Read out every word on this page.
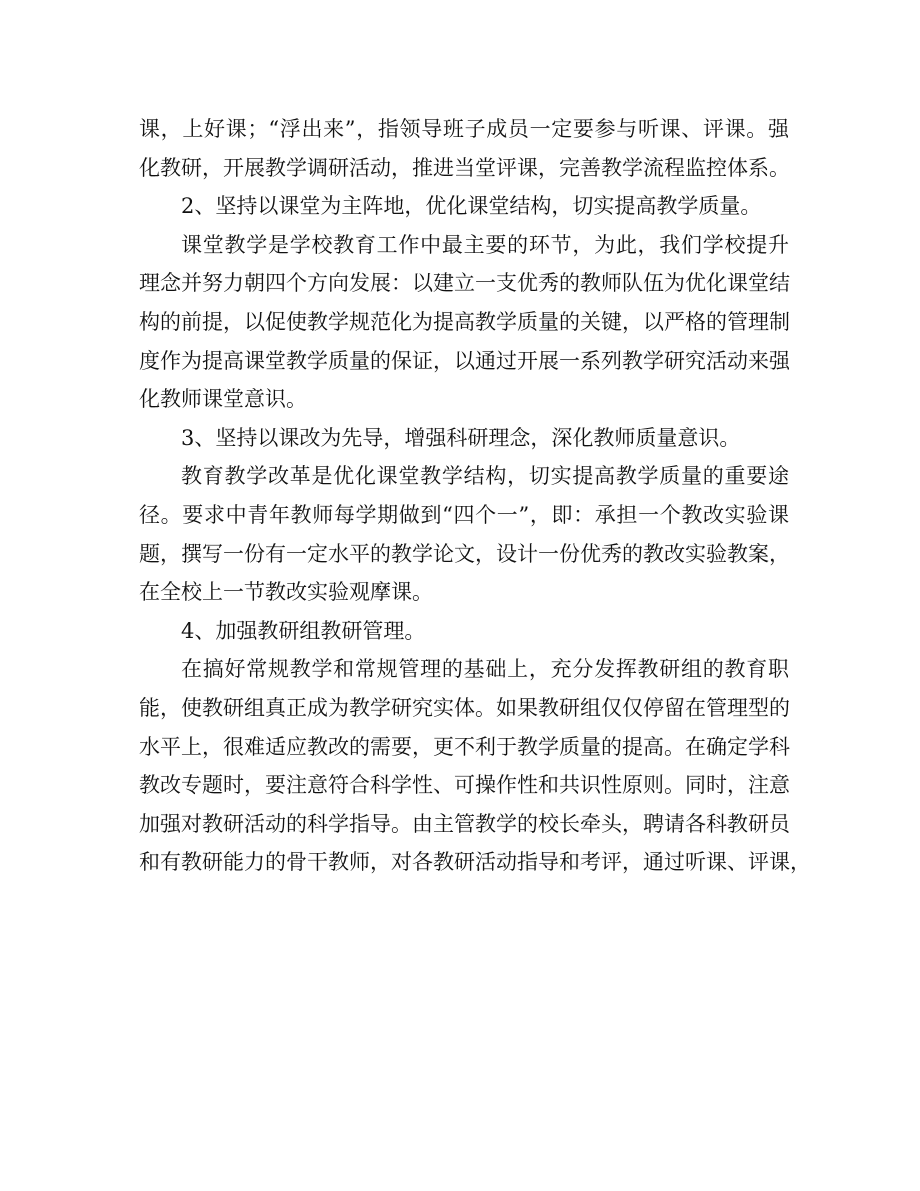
课，上好课；“浮出来”，指领导班子成员一定要参与听课、评课。强
化教研，开展教学调研活动，推进当堂评课，完善教学流程监控体系。

2、坚持以课堂为主阵地，优化课堂结构，切实提高教学质量。

课堂教学是学校教育工作中最主要的环节，为此，我们学校提升
理念并努力朝四个方向发展：以建立一支优秀的教师队伍为优化课堂结
构的前提，以促使教学规范化为提高教学质量的关键，以严格的管理制
度作为提高课堂教学质量的保证，以通过开展一系列教学研究活动来强
化教师课堂意识。

3、坚持以课改为先导，增强科研理念，深化教师质量意识。

教育教学改革是优化课堂教学结构，切实提高教学质量的重要途
径。要求中青年教师每学期做到“四个一”，即：承担一个教改实验课
题，撰写一份有一定水平的教学论文，设计一份优秀的教改实验教案，
在全校上一节教改实验观摩课。

4、加强教研组教研管理。

在搞好常规教学和常规管理的基础上，充分发挥教研组的教育职
能，使教研组真正成为教学研究实体。如果教研组仅仅停留在管理型的
水平上，很难适应教改的需要，更不利于教学质量的提高。在确定学科
教改专题时，要注意符合科学性、可操作性和共识性原则。同时，注意
加强对教研活动的科学指导。由主管教学的校长牵头，聘请各科教研员
和有教研能力的骨干教师，对各教研活动指导和考评，通过听课、评课，
